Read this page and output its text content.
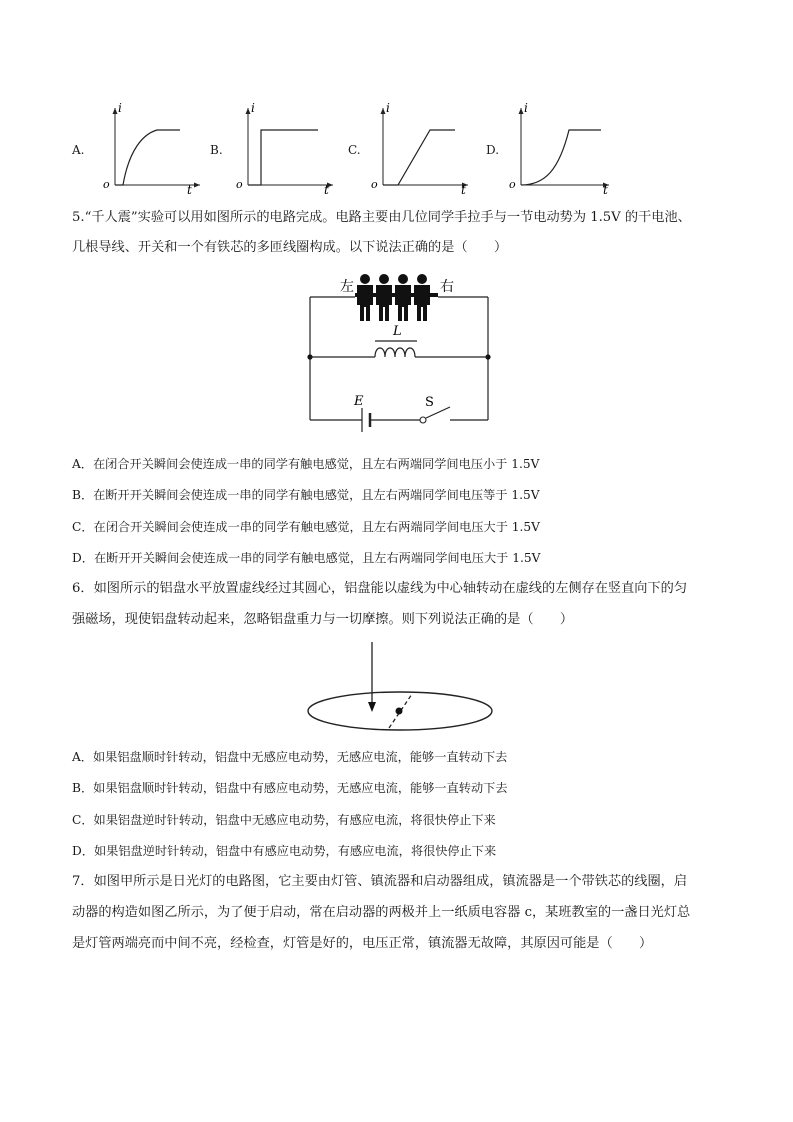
A.
o
i
t
B.
o
i
t
C.
o
i
t
D.
o
i
t
5.“千人震”实验可以用如图所示的电路完成。电路主要由几位同学手拉手与一节电动势为 1.5V 的干电池、
几根导线、开关和一个有铁芯的多匝线圈构成。以下说法正确的是（　　）
左	右
L
E	S
A．在闭合开关瞬间会使连成一串的同学有触电感觉，且左右两端同学间电压小于 1.5V
B．在断开开关瞬间会使连成一串的同学有触电感觉，且左右两端同学间电压等于 1.5V
C．在闭合开关瞬间会使连成一串的同学有触电感觉，且左右两端同学间电压大于 1.5V
D．在断开开关瞬间会使连成一串的同学有触电感觉，且左右两端同学间电压大于 1.5V
6．如图所示的铝盘水平放置虚线经过其圆心，铝盘能以虚线为中心轴转动在虚线的左侧存在竖直向下的匀
强磁场，现使铝盘转动起来，忽略铝盘重力与一切摩擦。则下列说法正确的是（　　）
A．如果铝盘顺时针转动，铝盘中无感应电动势，无感应电流，能够一直转动下去
B．如果铝盘顺时针转动，铝盘中有感应电动势，无感应电流，能够一直转动下去
C．如果铝盘逆时针转动，铝盘中无感应电动势，有感应电流，将很快停止下来
D．如果铝盘逆时针转动，铝盘中有感应电动势，有感应电流，将很快停止下来
7．如图甲所示是日光灯的电路图，它主要由灯管、镇流器和启动器组成，镇流器是一个带铁芯的线圈，启
动器的构造如图乙所示，为了便于启动，常在启动器的两极并上一纸质电容器 c，某班教室的一盏日光灯总
是灯管两端亮而中间不亮，经检查，灯管是好的，电压正常，镇流器无故障，其原因可能是（　　）
